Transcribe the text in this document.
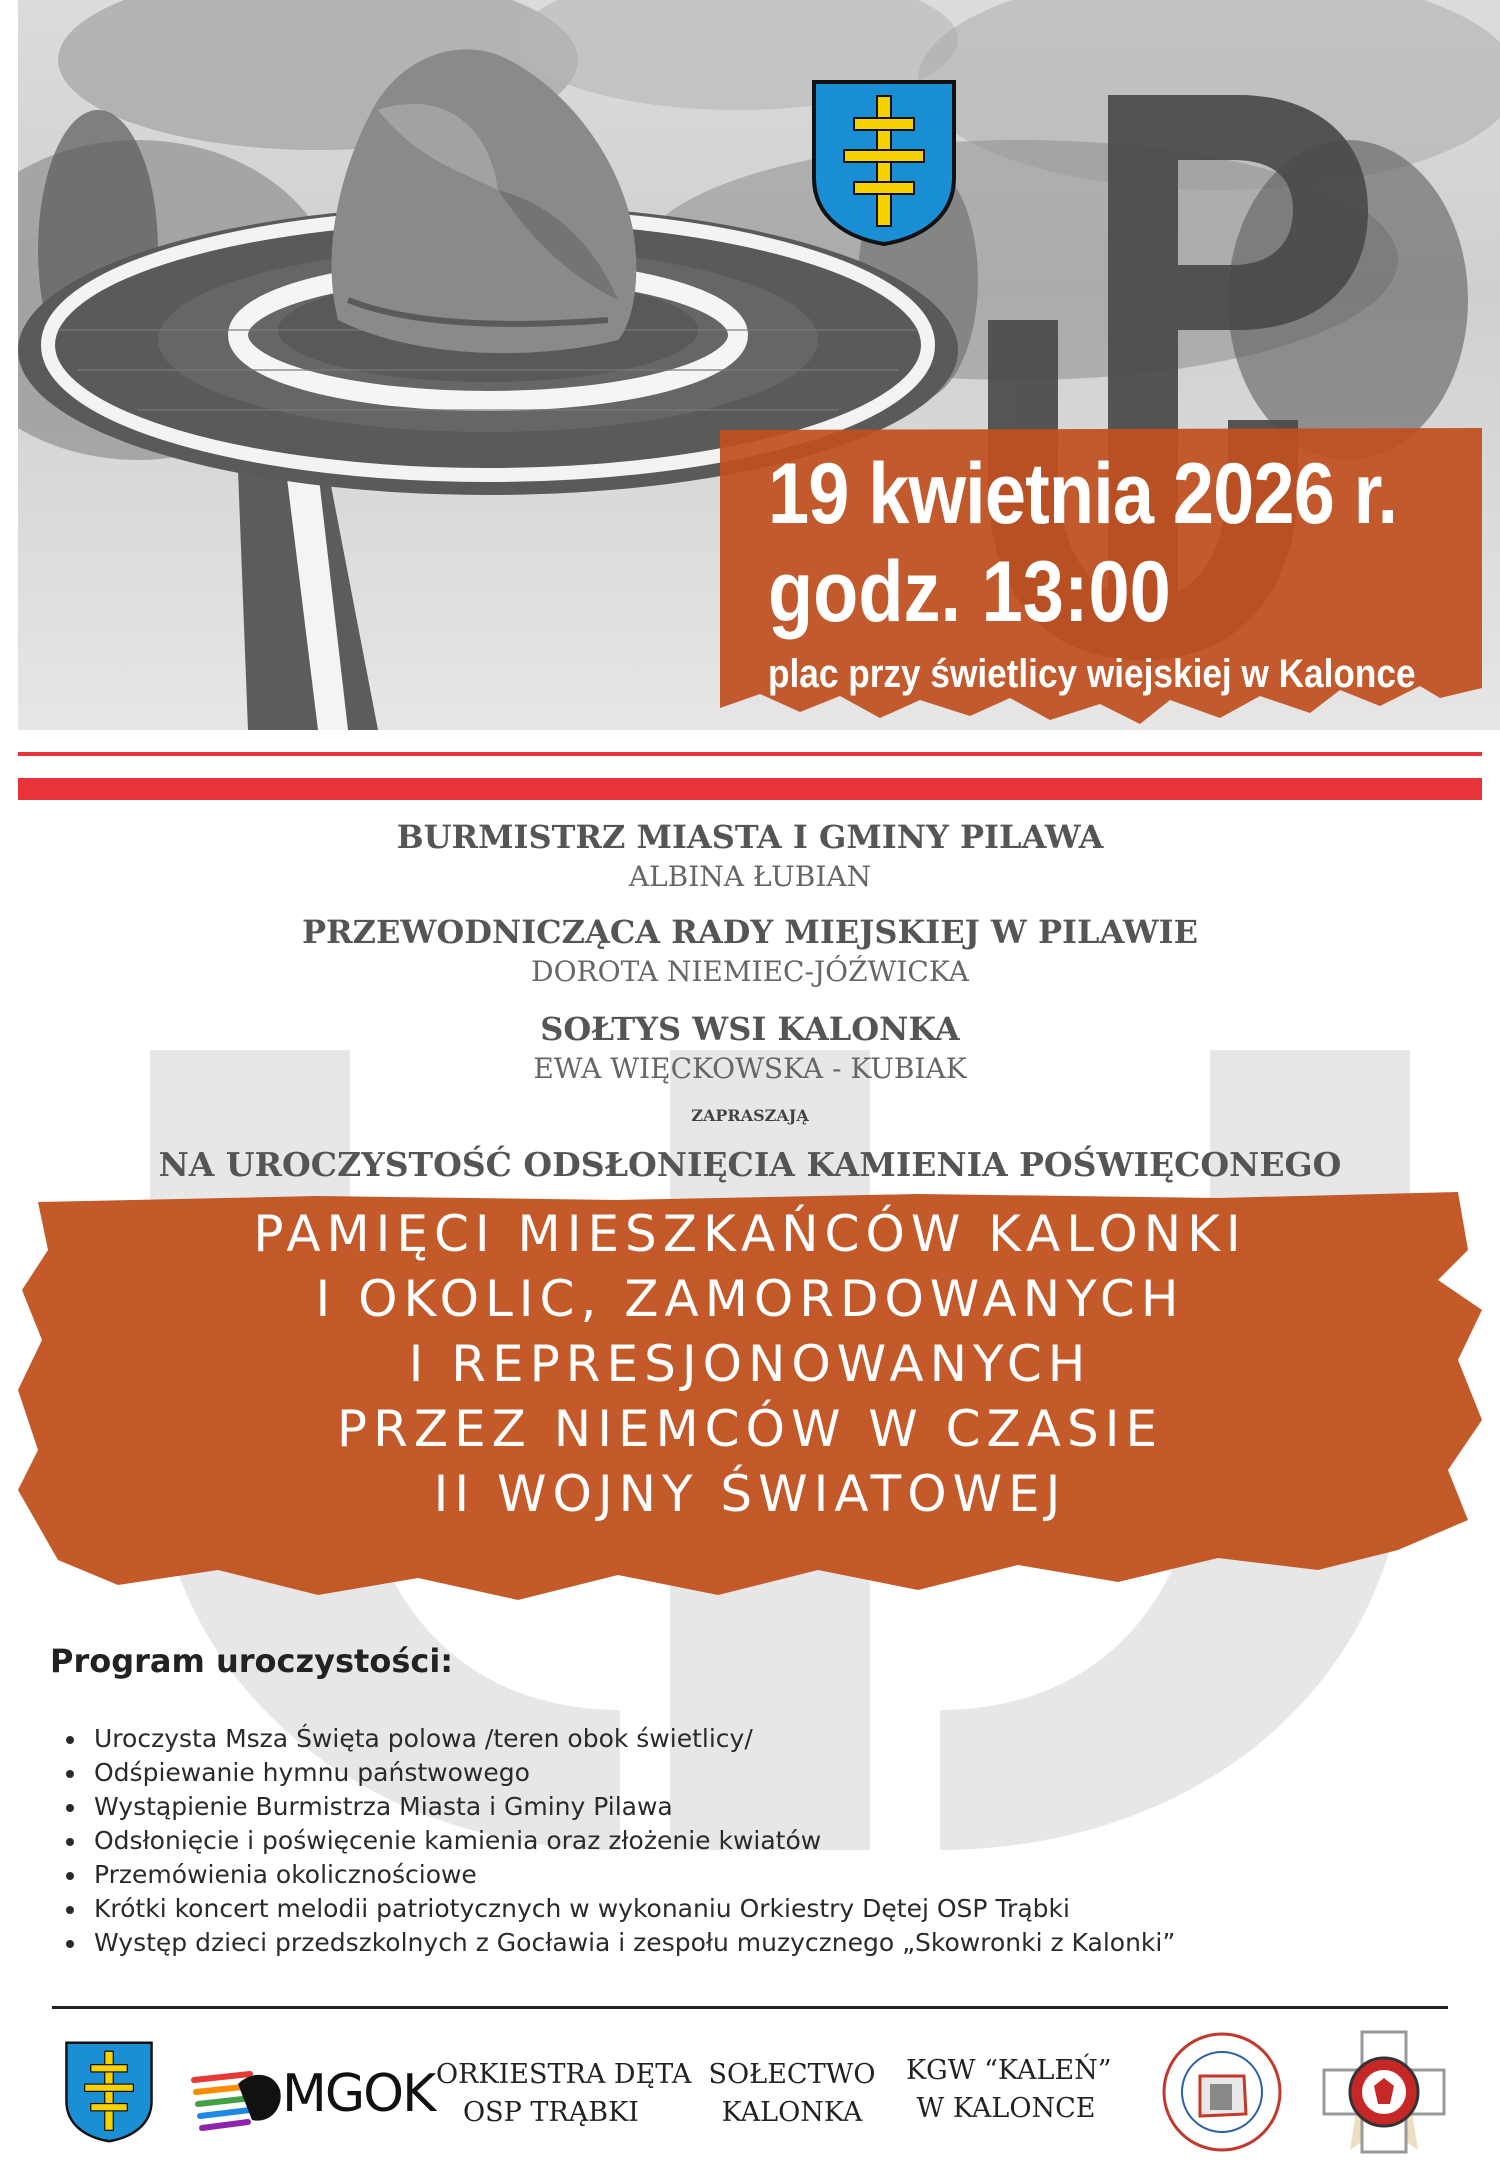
19 kwietnia 2026 r.
godz. 13:00
plac przy świetlicy wiejskiej w Kalonce
BURMISTRZ MIASTA I GMINY PILAWA
ALBINA ŁUBIAN
PRZEWODNICZĄCA RADY MIEJSKIEJ W PILAWIE
DOROTA NIEMIEC-JÓŹWICKA
SOŁTYS WSI KALONKA
EWA WIĘCKOWSKA - KUBIAK
ZAPRASZAJĄ
NA UROCZYSTOŚĆ ODSŁONIĘCIA KAMIENIA POŚWIĘCONEGO
PAMIĘCI MIESZKAŃCÓW KALONKI
I OKOLIC, ZAMORDOWANYCH
I REPRESJONOWANYCH
PRZEZ NIEMCÓW W CZASIE
II WOJNY ŚWIATOWEJ
Program uroczystości:
Uroczysta Msza Święta polowa /teren obok świetlicy/
Odśpiewanie hymnu państwowego
Wystąpienie Burmistrza Miasta i Gminy Pilawa
Odsłonięcie i poświęcenie kamienia oraz złożenie kwiatów
Przemówienia okolicznościowe
Krótki koncert melodii patriotycznych w wykonaniu Orkiestry Dętej OSP Trąbki
Występ dzieci przedszkolnych z Gocławia i zespołu muzycznego „Skowronki z Kalonki”
MGOK ORKIESTRA DĘTA
OSP TRĄBKI
SOŁECTWO
KALONKA
KGW “KALEŃ”
W KALONCE
